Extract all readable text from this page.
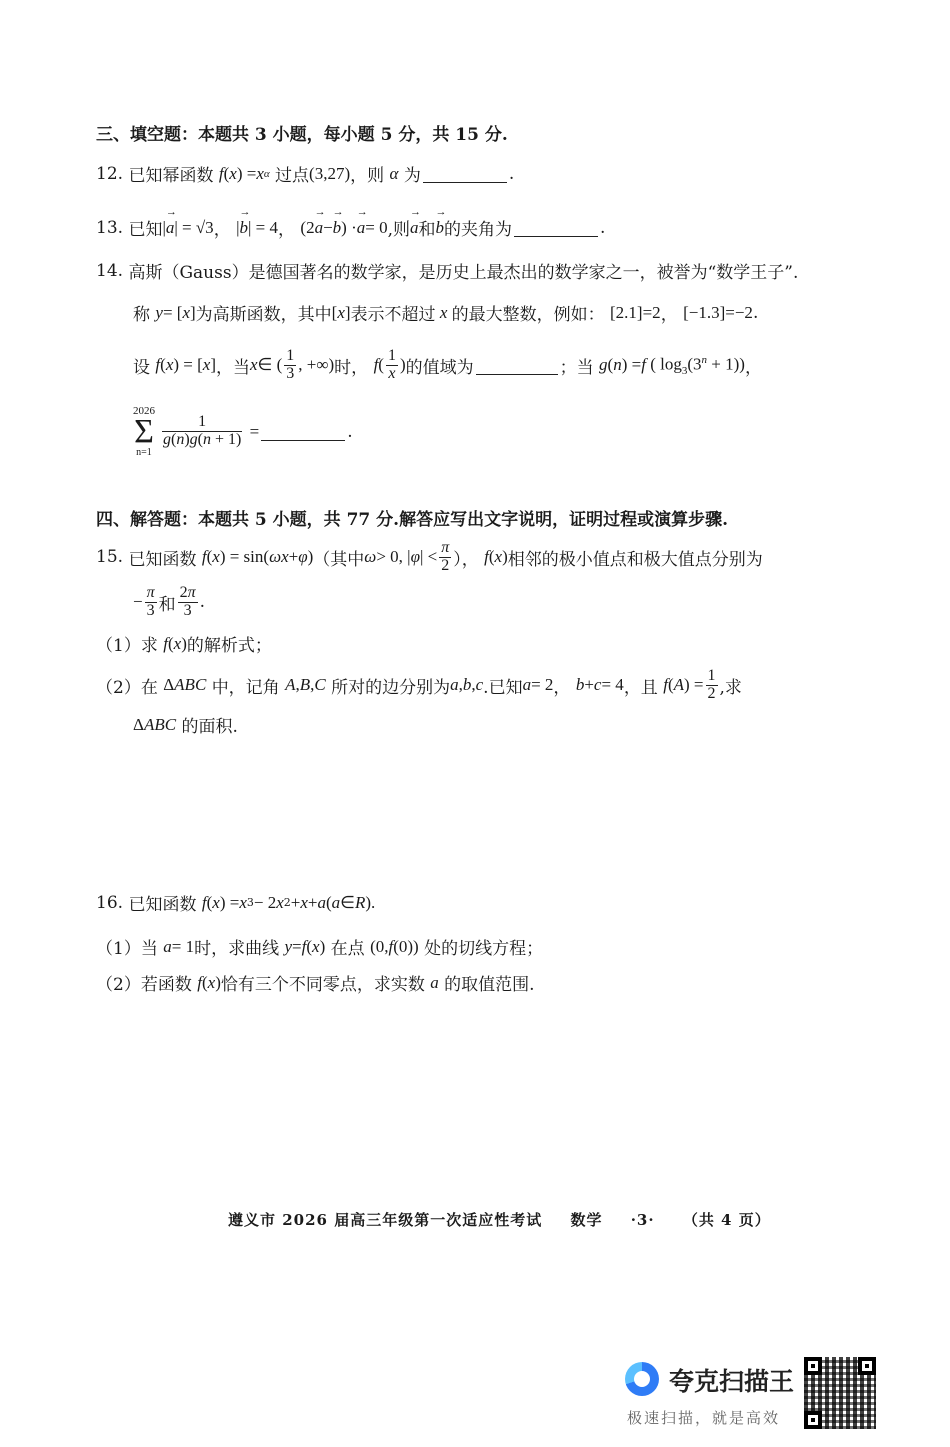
三、填空题：本题共 3 小题，每小题 5 分，共 15 分.
12.
已知幂函数
f ( x ) = x α
过点 (3,27) ，则
α
为	.
13.
已知 | → a | = √3 ，
| → b | = 4 ，
(2 → a − → b ) · → a = 0 ,则 → a 和 → b 的夹角为	.
14.
高斯（Gauss）是德国著名的数学家，是历史上最杰出的数学家之一，被誉为“数学王子”.
称
y = [ x ] 为高斯函数，其中 [ x ] 表示不超过 x 的最大整数，例如：
[2.1]=2 ， [−1.3]=−2 .
设
f ( x ) = [ x ] ，当 x ∈ ( $\frac{1}{3}$ , +∞) 时，
f ( $\frac{1}{x}$ ) 的值域为	；当
g ( n ) = f ( $\log_3(3^n + 1)$) ，
2026
Σ
n=1
$\frac{1}{g(n)g(n + 1)}$ =	.
四、解答题：本题共 5 小题，共 77 分.解答应写出文字说明，证明过程或演算步骤.
15.
已知函数
f ( x ) = sin( ωx + φ ) （其中 ω > 0, | φ | < $\frac{\pi}{2}$ ），
f ( x ) 相邻的极小值点和极大值点分别为
− $\frac{\pi}{3}$ 和 $\frac{2\pi}{3}$ .
（1）求
f ( x ) 的解析式；
（2）在
Δ ABC
中，记角
A , B , C
所对的边分别为 a , b , c .已知 a = 2 ，
b + c = 4 ，且
f ( A ) = $\frac{1}{2}$ ,求
Δ ABC
的面积.
16.
已知函数
f ( x ) = x 3 − 2 x 2 + x + a ( a ∈ R ).
（1）当
a = 1 时，求曲线
y = f ( x )
在点
(0, f (0))
处的切线方程；
（2）若函数
f ( x ) 恰有三个不同零点，求实数
a
的取值范围.
遵义市 2026 届高三年级第一次适应性考试 数学 ·3· （共 4 页）
夸克扫描王
极速扫描，就是高效
